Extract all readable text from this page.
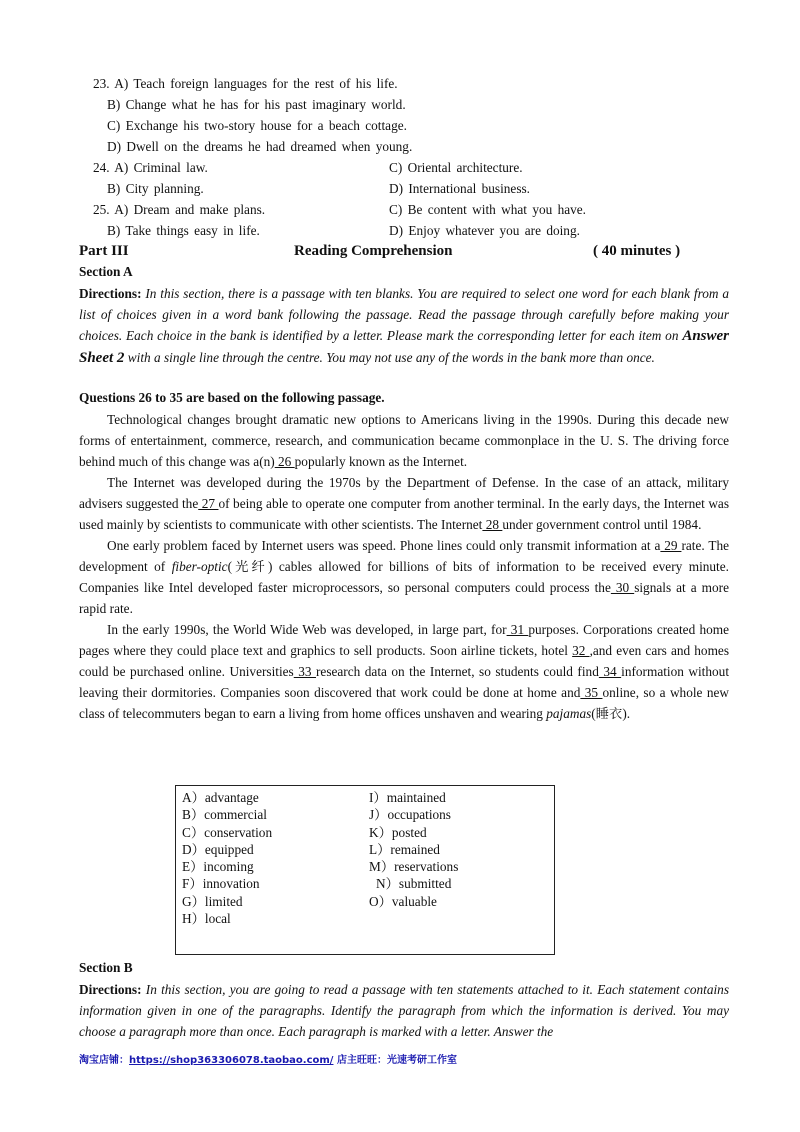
23. A) Teach foreign languages for the rest of his life.
B) Change what he has for his past imaginary world.
C) Exchange his two-story house for a beach cottage.
D) Dwell on the dreams he had dreamed when young.
24. A) Criminal law.	C) Oriental architecture.
B) City planning.	D) International business.
25. A) Dream and make plans.	C) Be content with what you have.
B) Take things easy in life.	D) Enjoy whatever you are doing.
Part III	Reading Comprehension	( 40 minutes )
Section A
Directions: In this section, there is a passage with ten blanks. You are required to select one word for each blank from a list of choices given in a word bank following the passage. Read the passage through carefully before making your choices. Each choice in the bank is identified by a letter. Please mark the corresponding letter for each item on Answer Sheet 2 with a single line through the centre. You may not use any of the words in the bank more than once.
Questions 26 to 35 are based on the following passage.

Technological changes brought dramatic new options to Americans living in the 1990s. During this decade new forms of entertainment, commerce, research, and communication became commonplace in the U. S. The driving force behind much of this change was a(n) 26 popularly known as the Internet.

The Internet was developed during the 1970s by the Department of Defense. In the case of an attack, military advisers suggested the 27 of being able to operate one computer from another terminal. In the early days, the Internet was used mainly by scientists to communicate with other scientists. The Internet 28 under government control until 1984.

One early problem faced by Internet users was speed. Phone lines could only transmit information at a 29 rate. The development of fiber-optic(光纤) cables allowed for billions of bits of information to be received every minute. Companies like Intel developed faster microprocessors, so personal computers could process the 30 signals at a more rapid rate.

In the early 1990s, the World Wide Web was developed, in large part, for 31 purposes. Corporations created home pages where they could place text and graphics to sell products. Soon airline tickets, hotel 32 ,and even cars and homes could be purchased online. Universities 33 research data on the Internet, so students could find 34 information without leaving their dormitories. Companies soon discovered that work could be done at home and 35 online, so a whole new class of telecommuters began to earn a living from home offices unshaven and wearing pajamas(睡衣).

A）advantage
B）commercial
C）conservation
D）equipped
E）incoming
F）innovation
G）limited
H）local
I）maintained
J）occupations
K）posted
L）remained
M）reservations
N）submitted
O）valuable
Section B
Directions: In this section, you are going to read a passage with ten statements attached to it. Each statement contains information given in one of the paragraphs. Identify the paragraph from which the information is derived. You may choose a paragraph more than once. Each paragraph is marked with a letter. Answer the
淘宝店铺：https://shop363306078.taobao.com/ 店主旺旺：光速考研工作室
